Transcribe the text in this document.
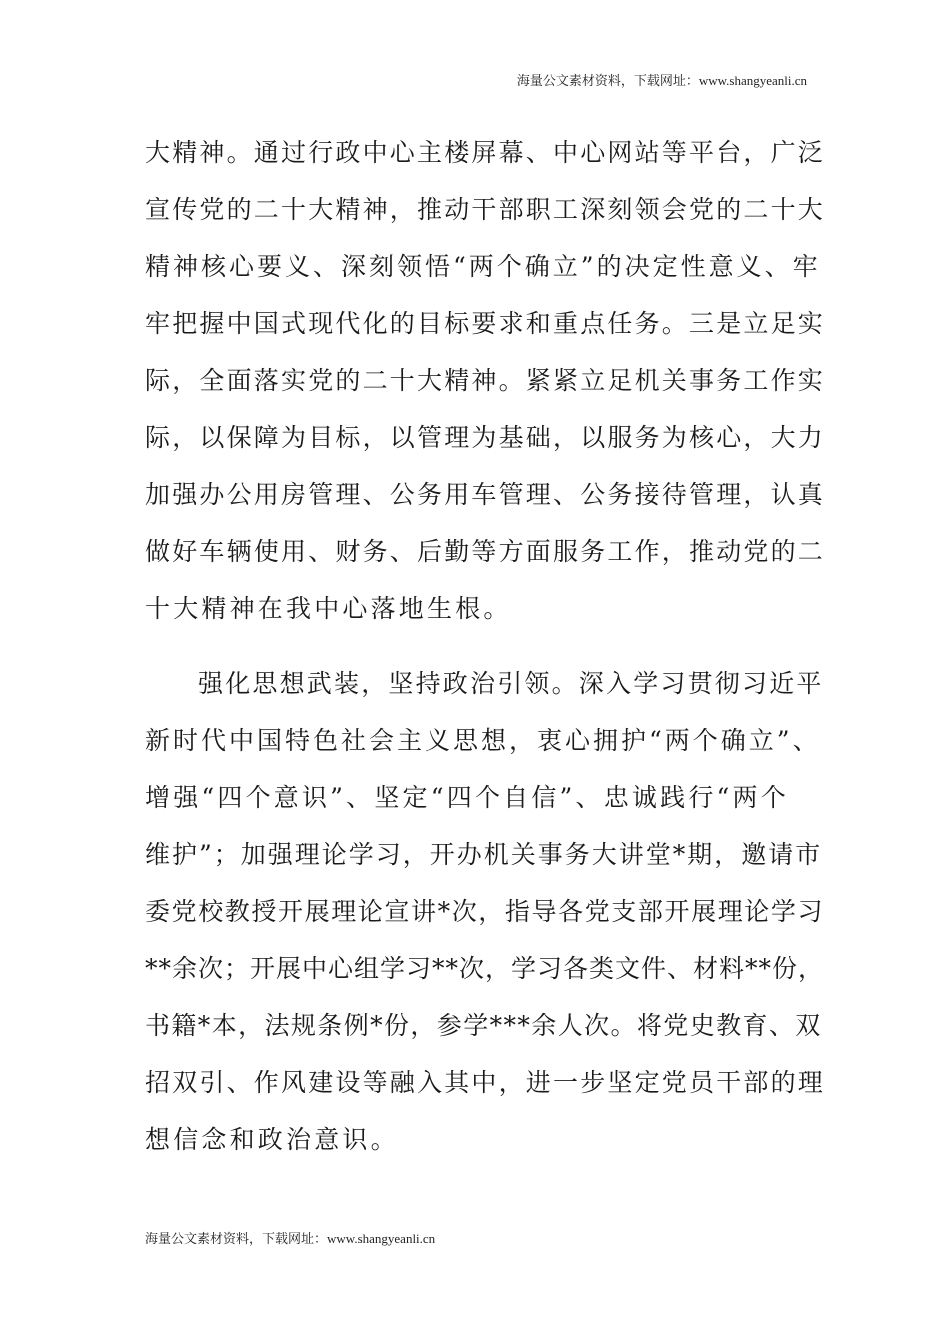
海量公文素材资料，下载网址：www.shangyeanli.cn
大精神。通过行政中心主楼屏幕、中心网站等平台，广泛
宣传党的二十大精神，推动干部职工深刻领会党的二十大
精神核心要义、深刻领悟“两个确立”的决定性意义、牢
牢把握中国式现代化的目标要求和重点任务。三是立足实
际，全面落实党的二十大精神。紧紧立足机关事务工作实
际，以保障为目标，以管理为基础，以服务为核心，大力
加强办公用房管理、公务用车管理、公务接待管理，认真
做好车辆使用、财务、后勤等方面服务工作，推动党的二
十大精神在我中心落地生根。
强化思想武装，坚持政治引领。深入学习贯彻习近平
新时代中国特色社会主义思想，衷心拥护“两个确立”、
增强“四个意识”、坚定“四个自信”、忠诚践行“两个
维护”；加强理论学习，开办机关事务大讲堂*期，邀请市
委党校教授开展理论宣讲*次，指导各党支部开展理论学习
**余次；开展中心组学习**次，学习各类文件、材料**份，
书籍*本，法规条例*份，参学***余人次。将党史教育、双
招双引、作风建设等融入其中，进一步坚定党员干部的理
想信念和政治意识。
海量公文素材资料，下载网址：www.shangyeanli.cn
